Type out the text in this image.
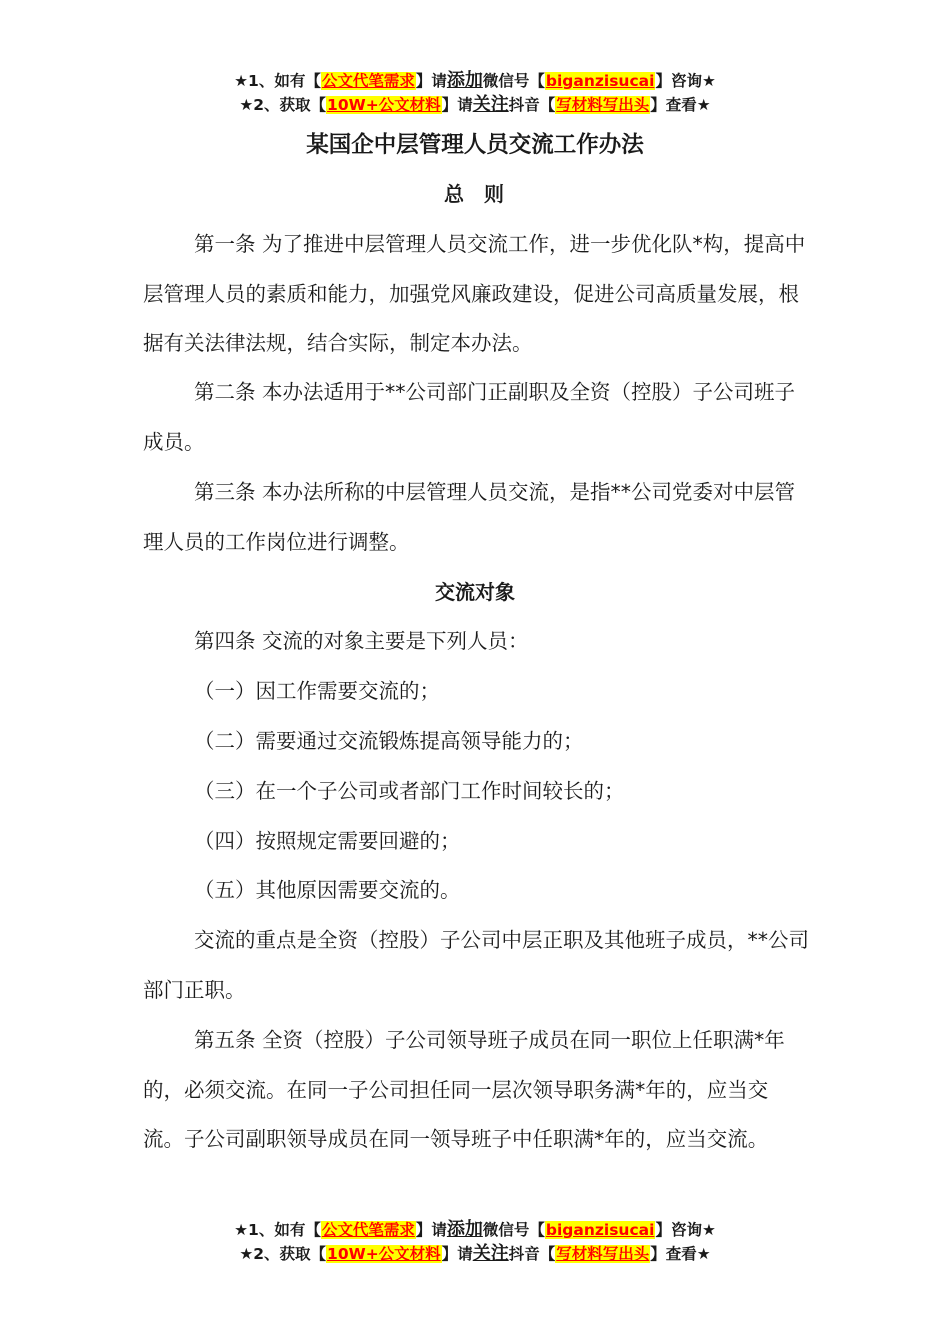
★1、如有【公文代笔需求】请添加微信号【biganzisucai】咨询★
★2、获取【10W+公文材料】请关注抖音【写材料写出头】查看★
某国企中层管理人员交流工作办法
总  则

第一条 为了推进中层管理人员交流工作，进一步优化队*构，提高中层管理人员的素质和能力，加强党风廉政建设，促进公司高质量发展，根据有关法律法规，结合实际，制定本办法。

第二条 本办法适用于**公司部门正副职及全资（控股）子公司班子成员。

第三条 本办法所称的中层管理人员交流，是指**公司党委对中层管理人员的工作岗位进行调整。

交流对象

第四条 交流的对象主要是下列人员：

（一）因工作需要交流的；

（二）需要通过交流锻炼提高领导能力的；

（三）在一个子公司或者部门工作时间较长的；

（四）按照规定需要回避的；

（五）其他原因需要交流的。

交流的重点是全资（控股）子公司中层正职及其他班子成员，**公司部门正职。

第五条 全资（控股）子公司领导班子成员在同一职位上任职满*年的，必须交流。在同一子公司担任同一层次领导职务满*年的，应当交流。子公司副职领导成员在同一领导班子中任职满*年的，应当交流。

★1、如有【公文代笔需求】请添加微信号【biganzisucai】咨询★
★2、获取【10W+公文材料】请关注抖音【写材料写出头】查看★
